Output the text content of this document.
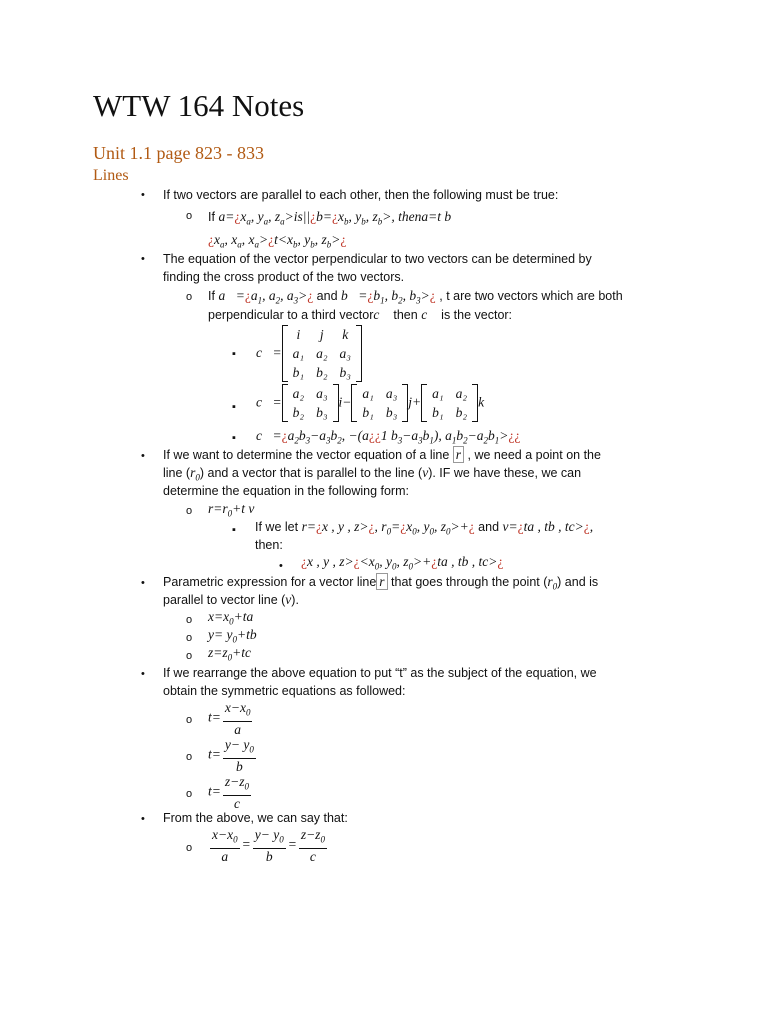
WTW 164 Notes
Unit 1.1 page 823 - 833
Lines
• If two vectors are parallel to each other, then the following must be true:
o If $a=¿x_a$, $y_a$, $z_a>is||¿b=¿x_b$, $y_b$, $z_b>$, thena=t b
¿$x_a$, $x_a$, $x_a>¿t<x_b$, $y_b$, $z_b>¿$
• The equation of the vector perpendicular to two vectors can be determined by
finding the cross product of the two vectors.
o If $a⃗=¿a_1$, $a_2$, $a_3>¿$ and $b⃗=¿b_1$, $b_2$, $b_3>¿$ , t are two vectors which are both
perpendicular to a third vectorc⃗ then c⃗ is the vector:
▪ c⃗=
i	j	k
a₁	a₂	a₃
b₁	b₂	b₃
▪ c⃗=
a₂	a₃
b₂	b₃
i−
a₁	a₃
b₁	b₃
j+
a₁	a₂
b₁	b₂
k
▪ $c⃗=¿a_2b_3-a_3b_2$, −(a¿¿1 $b_3-a_3b_1$), $a_1b_2-a_2b_1>¿¿$
• If we want to determine the vector equation of a line r , we need a point on the
line $(r_0)$ and a vector that is parallel to the line (v). IF we have these, we can
determine the equation in the following form:
o $r=r_0+t$ v
▪ If we let r=¿x , y , z>¿, $r_0=¿x_0$, $y_0$, $z_0>+¿$ and v=¿ta , tb , tc>¿,
then:
• ¿x , y , $z>¿<x_0$, $y_0$, $z_0>+¿ta$ , tb , tc>¿
• Parametric expression for a vector line r that goes through the point $(r_0)$ and is
parallel to vector line (v).
o $x=x_0+ta$
o $y= y_0+tb$
o $z=z_0+tc$
• If we rearrange the above equation to put “t” as the subject of the equation, we
obtain the symmetric equations as followed:
o $t= \frac{x-x_0}{a}$
o $t= \frac{y- y_0}{b}$
o $t= \frac{z-z_0}{c}$
• From the above, we can say that:
o $\frac{x-x_0}{a} = \frac{y- y_0}{b} = \frac{z-z_0}{c}$
